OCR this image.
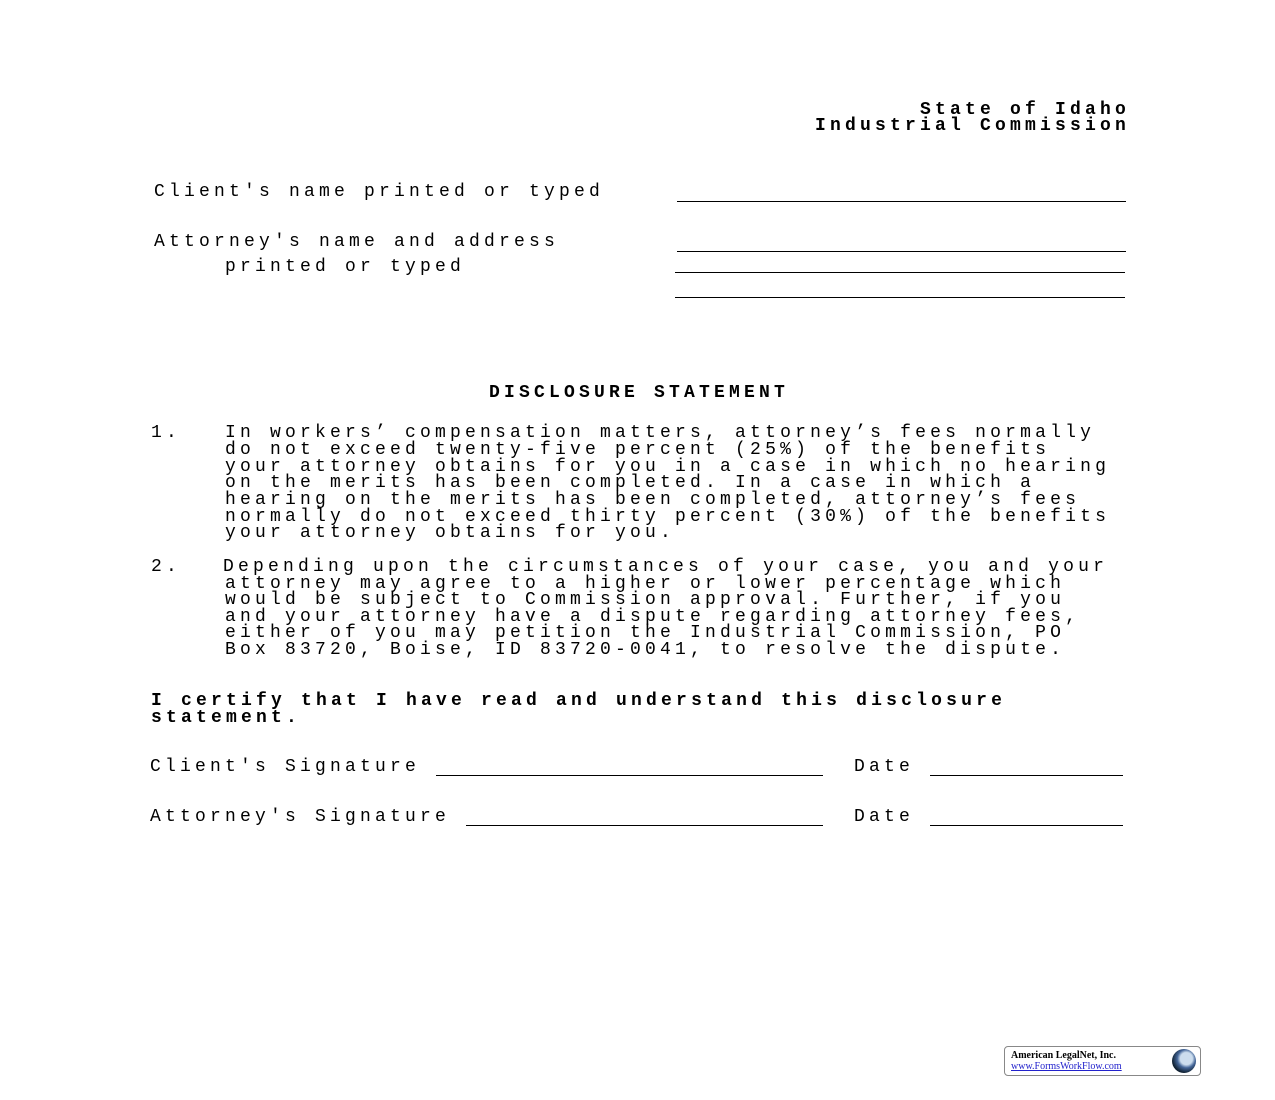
State of Idaho
Industrial Commission
Client's name printed or typed
Attorney's name and address
printed or typed
DISCLOSURE STATEMENT
1. In workers’ compensation matters, attorney’s fees normally
do not exceed twenty-five percent (25%) of the benefits
your attorney obtains for you in a case in which no hearing
on the merits has been completed. In a case in which a
hearing on the merits has been completed, attorney’s fees
normally do not exceed thirty percent (30%) of the benefits
your attorney obtains for you.
2. Depending upon the circumstances of your case, you and your
attorney may agree to a higher or lower percentage which
would be subject to Commission approval. Further, if you
and your attorney have a dispute regarding attorney fees,
either of you may petition the Industrial Commission, PO
Box 83720, Boise, ID 83720-0041, to resolve the dispute.
I certify that I have read and understand this disclosure
statement.
Client's Signature	Date
Attorney's Signature	Date
American LegalNet, Inc.
www.FormsWorkFlow.com
